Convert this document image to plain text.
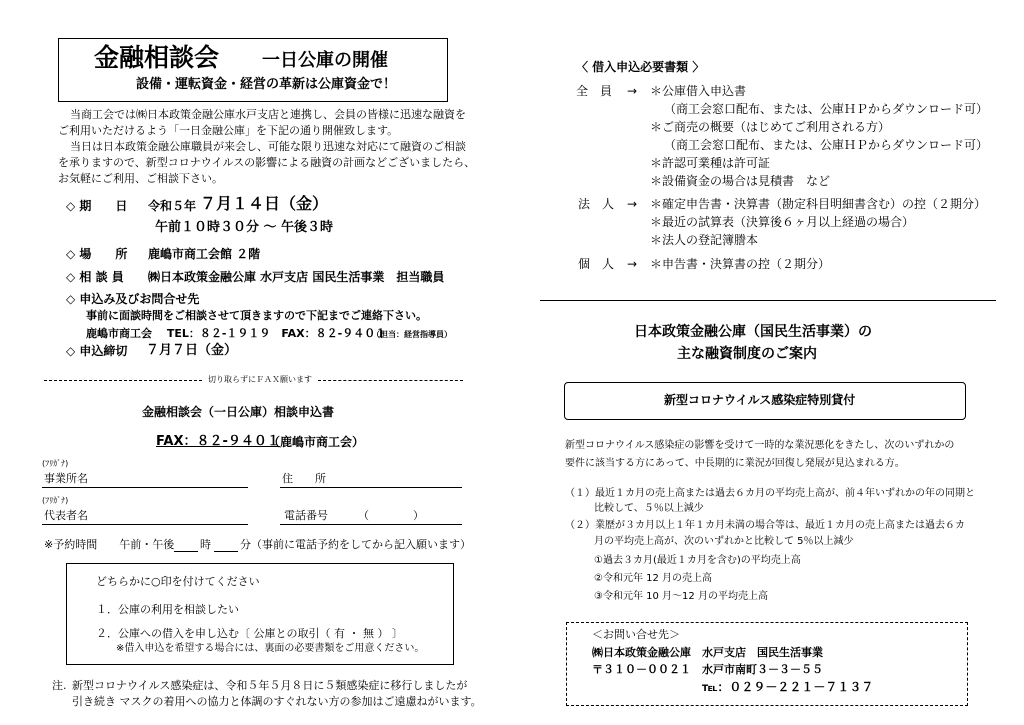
金融相談会 一日公庫の開催
設備・運転資金・経営の革新は公庫資金で！
当商工会では㈱日本政策金融公庫水戸支店と連携し、会員の皆様に迅速な融資を
ご利用いただけるよう「一日金融公庫」を下記の通り開催致します。
当日は日本政策金融公庫職員が来会し、可能な限り迅速な対応にて融資のご相談
を承りますので、新型コロナウイルスの影響による融資の計画などございましたら、
お気軽にご利用、ご相談下さい。
◇ 期　　日 令和５年 ７月１４日（金）
午前１０時３０分 ～ 午後３時
◇ 場　　所 鹿嶋市商工会館 ２階
◇ 相 談 員 ㈱日本政策金融公庫 水戸支店 国民生活事業　担当職員
◇ 申込み及びお問合せ先
事前に面談時間をご相談させて頂きますので下記までご連絡下さい。
鹿嶋市商工会　 TEL：８２‐１９１９　FAX：８２‐９４０１
（担当：経営指導員）
◇ 申込締切 ７月７日（金）
切り取らずにＦＡＸ願います
金融相談会（一日公庫）相談申込書
FAX：８２‐９４０１
（鹿嶋市商工会）
(ﾌﾘｶﾞﾅ)
事業所名	住　　所
(ﾌﾘｶﾞﾅ)
代表者名	電話番号	（　　　　）
※予約時間　　午前・午後 時	分（事前に電話予約をしてから記入願います）
どちらかに○印を付けてください
１．公庫の利用を相談したい
２．公庫への借入を申し込む〔 公庫との取引（ 有 ・ 無 ） 〕
※借入申込を希望する場合には、裏面の必要書類をご用意ください。
注. 新型コロナウイルス感染症は、令和５年５月８日に５類感染症に移行しましたが
引き続き マスクの着用への協力と体調のすぐれない方の参加はご遠慮ねがいます。
〈 借入申込必要書類 〉
全　員 → ＊公庫借入申込書
（商工会窓口配布、または、公庫ＨＰからダウンロード可）
＊ご商売の概要（はじめてご利用される方）
（商工会窓口配布、または、公庫ＨＰからダウンロード可）
＊許認可業種は許可証
＊設備資金の場合は見積書　など
法　人 → ＊確定申告書・決算書（勘定科目明細書含む）の控（２期分）
＊最近の試算表（決算後６ヶ月以上経過の場合）
＊法人の登記簿謄本
個　人 → ＊申告書・決算書の控（２期分）
日本政策金融公庫（国民生活事業）の
主な融資制度のご案内
新型コロナウイルス感染症特別貸付
新型コロナウイルス感染症の影響を受けて一時的な業況悪化をきたし、次のいずれかの
要件に該当する方にあって、中長期的に業況が回復し発展が見込まれる方。
（１）最近１カ月の売上高または過去６カ月の平均売上高が、前４年いずれかの年の同期と
比較して、５％以上減少
（２）業歴が３カ月以上１年１カ月未満の場合等は、最近１カ月の売上高または過去６カ
月の平均売上高が、次のいずれかと比較して 5％以上減少
①過去３カ月(最近１カ月を含む)の平均売上高
②令和元年 12 月の売上高
③令和元年 10 月～12 月の平均売上高
＜お問い合せ先＞
㈱日本政策金融公庫　水戸支店　国民生活事業
〒３１０－００２１　水戸市南町３－３－５５
℡：０２９－２２１－７１３７
